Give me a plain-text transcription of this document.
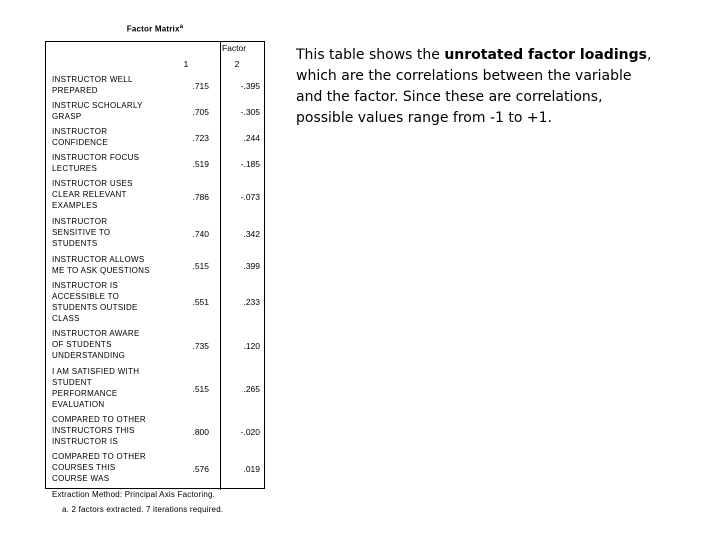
Factor Matrix$^a$
Factor
1	2
INSTRUCTOR WELL
PREPARED	.715	-.395
INSTRUC SCHOLARLY
GRASP	.705	-.305
INSTRUCTOR
CONFIDENCE	.723	.244
INSTRUCTOR FOCUS
LECTURES	.519	-.185
INSTRUCTOR USES
CLEAR RELEVANT
EXAMPLES
.786	-.073
INSTRUCTOR
SENSITIVE TO
STUDENTS
.740	.342
INSTRUCTOR ALLOWS
ME TO ASK QUESTIONS	.515	.399
INSTRUCTOR IS
ACCESSIBLE TO
STUDENTS OUTSIDE
CLASS
.551	.233
INSTRUCTOR AWARE
OF STUDENTS
UNDERSTANDING
.735	.120
I AM SATISFIED WITH
STUDENT
PERFORMANCE
EVALUATION
.515	.265
COMPARED TO OTHER
INSTRUCTORS THIS
INSTRUCTOR IS
.800	-.020
COMPARED TO OTHER
COURSES THIS
COURSE WAS
.576	.019
Extraction Method: Principal Axis Factoring.
a. 2 factors extracted. 7 iterations required.
This table shows the unrotated factor loadings, which are the correlations between the variable and the factor. Since these are correlations, possible values range from -1 to +1.
